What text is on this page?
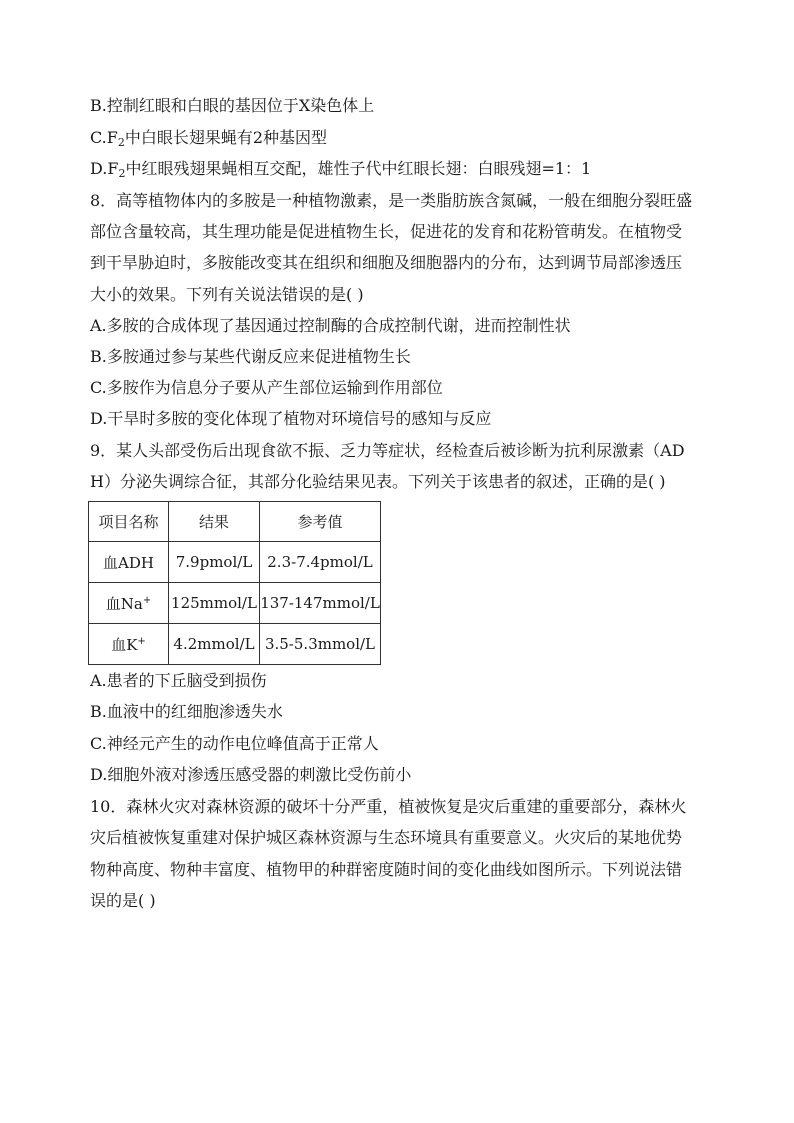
B.控制红眼和白眼的基因位于X染色体上
$C.F_2$中白眼长翅果蝇有2种基因型
$D.F_2$中红眼残翅果蝇相互交配，雄性子代中红眼长翅：白眼残翅=1：1
8．高等植物体内的多胺是一种植物激素，是一类脂肪族含氮碱，一般在细胞分裂旺盛
部位含量较高，其生理功能是促进植物生长，促进花的发育和花粉管萌发。在植物受
到干旱胁迫时，多胺能改变其在组织和细胞及细胞器内的分布，达到调节局部渗透压
大小的效果。下列有关说法错误的是( )
A.多胺的合成体现了基因通过控制酶的合成控制代谢，进而控制性状
B.多胺通过参与某些代谢反应来促进植物生长
C.多胺作为信息分子要从产生部位运输到作用部位
D.干旱时多胺的变化体现了植物对环境信号的感知与反应
9．某人头部受伤后出现食欲不振、乏力等症状，经检查后被诊断为抗利尿激素（AD
H）分泌失调综合征，其部分化验结果见表。下列关于该患者的叙述，正确的是( )
项目名称	结果	参考值
血ADH	7.9pmol/L	2.3-7.4pmol/L
血Na+	125mmol/L	137-147mmol/L
血K+	4.2mmol/L	3.5-5.3mmol/L
A.患者的下丘脑受到损伤
B.血液中的红细胞渗透失水
C.神经元产生的动作电位峰值高于正常人
D.细胞外液对渗透压感受器的刺激比受伤前小
10．森林火灾对森林资源的破坏十分严重，植被恢复是灾后重建的重要部分，森林火
灾后植被恢复重建对保护城区森林资源与生态环境具有重要意义。火灾后的某地优势
物种高度、物种丰富度、植物甲的种群密度随时间的变化曲线如图所示。下列说法错
误的是( )
